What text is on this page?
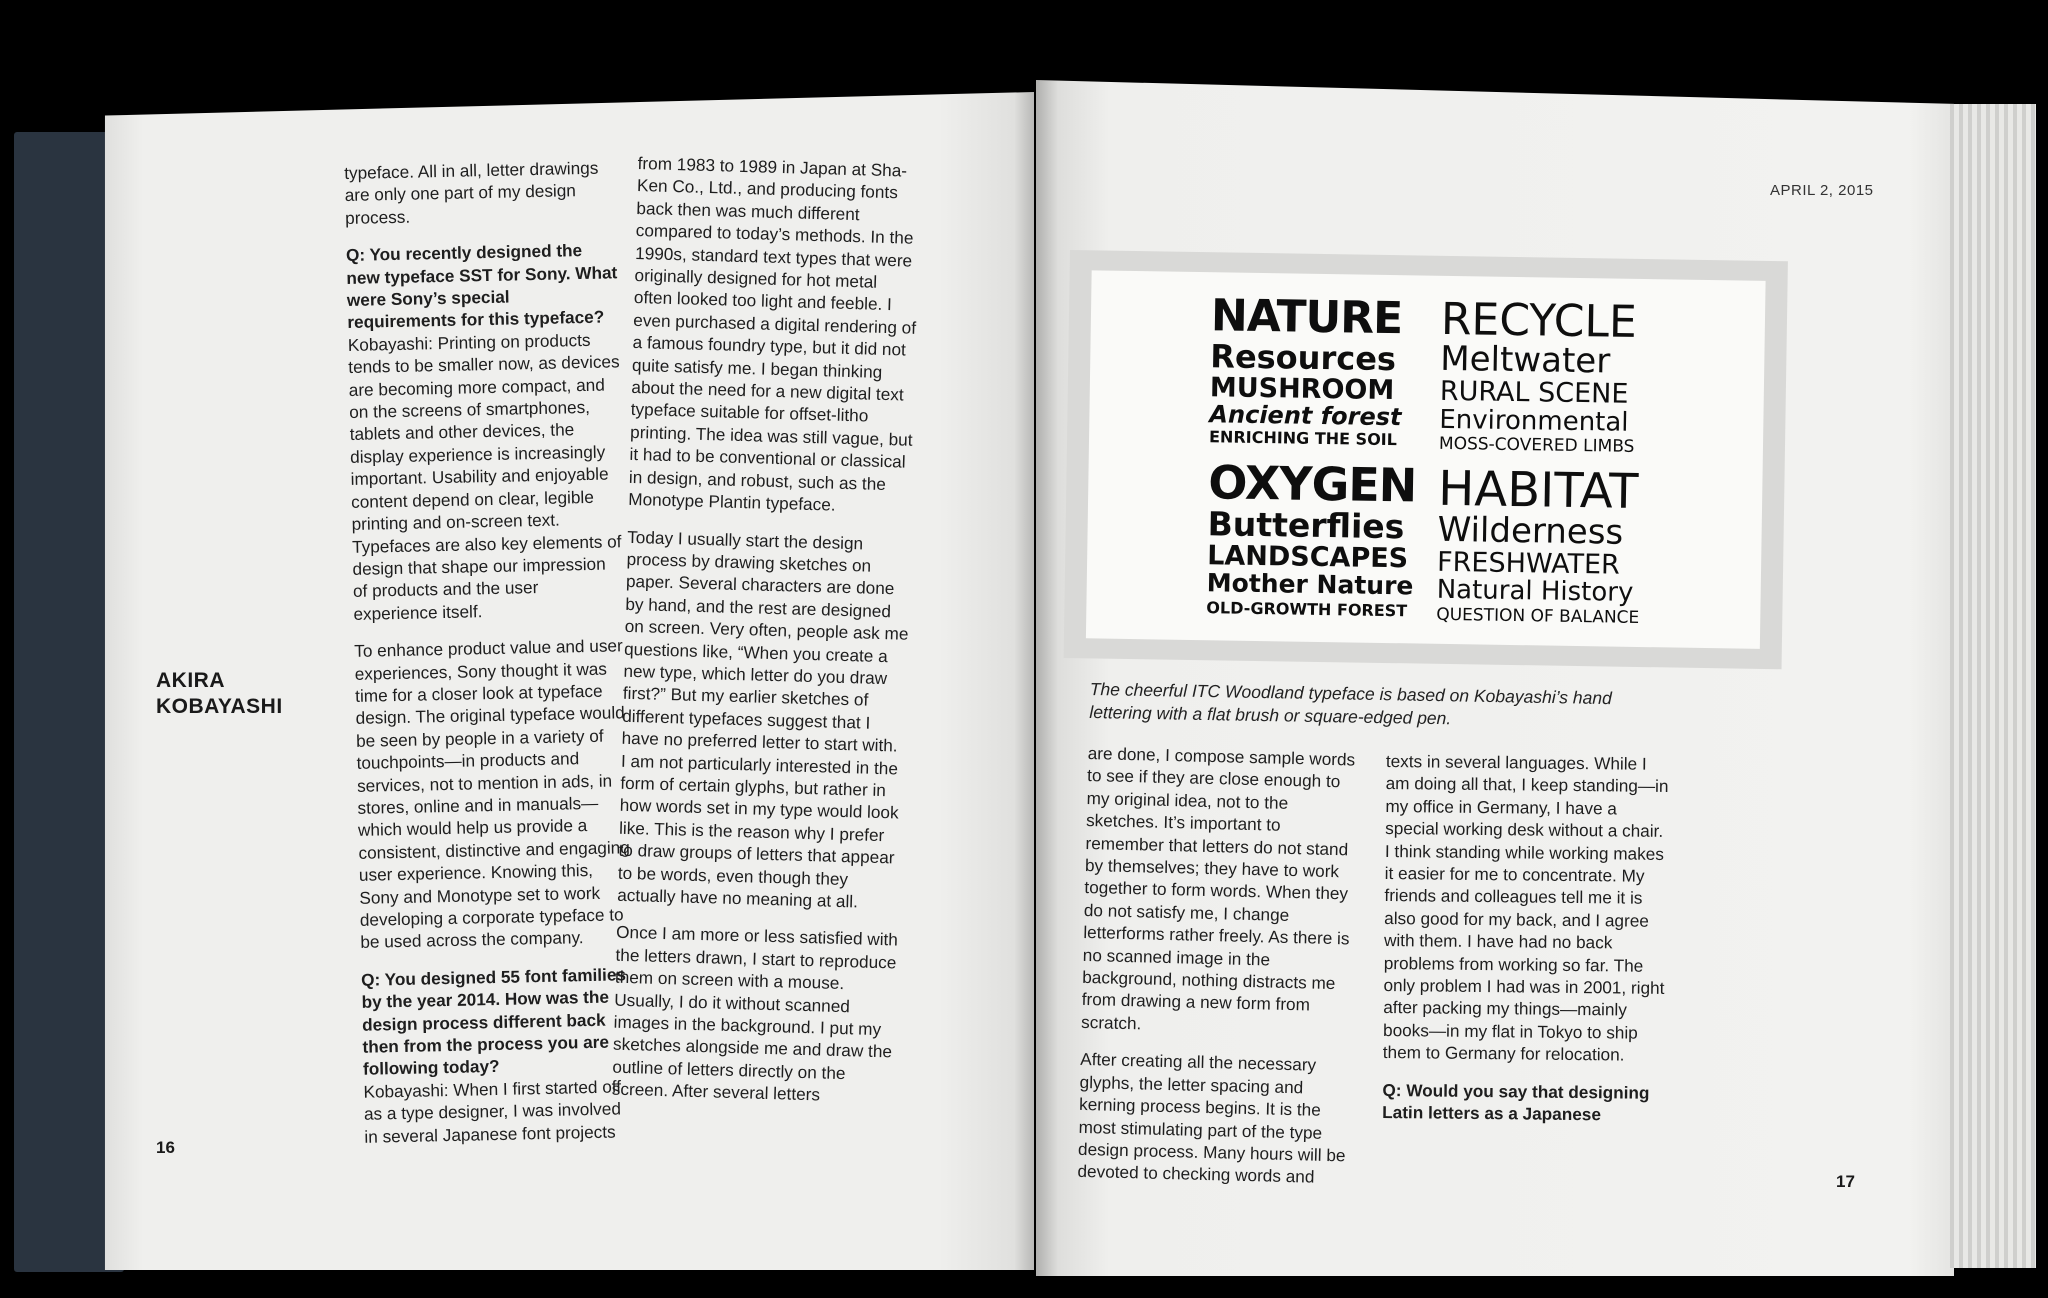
AKIRA
KOBAYASHI

typeface. All in all, letter drawings are only one part of my design process.

Q: You recently designed the new typeface SST for Sony. What were Sony’s special requirements for this typeface?
Kobayashi: Printing on products tends to be smaller now, as devices are becoming more compact, and on the screens of smartphones, tablets and other devices, the display experience is increasingly important. Usability and enjoyable content depend on clear, legible printing and on-screen text. Typefaces are also key elements of design that shape our impression of products and the user experience itself.

To enhance product value and user experiences, Sony thought it was time for a closer look at typeface design. The original typeface would be seen by people in a variety of touchpoints—in products and services, not to mention in ads, in stores, online and in manuals—which would help us provide a consistent, distinctive and engaging user experience. Knowing this, Sony and Monotype set to work developing a corporate typeface to be used across the company.

Q: You designed 55 font families by the year 2014. How was the design process different back then from the process you are following today?
Kobayashi: When I first started off as a type designer, I was involved in several Japanese font projects

from 1983 to 1989 in Japan at Sha-Ken Co., Ltd., and producing fonts back then was much different compared to today’s methods. In the 1990s, standard text types that were originally designed for hot metal often looked too light and feeble. I even purchased a digital rendering of a famous foundry type, but it did not quite satisfy me. I began thinking about the need for a new digital text typeface suitable for offset-litho printing. The idea was still vague, but it had to be conventional or classical in design, and robust, such as the Monotype Plantin typeface.

Today I usually start the design process by drawing sketches on paper. Several characters are done by hand, and the rest are designed on screen. Very often, people ask me questions like, “When you create a new type, which letter do you draw first?” But my earlier sketches of different typefaces suggest that I have no preferred letter to start with. I am not particularly interested in the form of certain glyphs, but rather in how words set in my type would look like. This is the reason why I prefer to draw groups of letters that appear to be words, even though they actually have no meaning at all.

Once I am more or less satisfied with the letters drawn, I start to reproduce them on screen with a mouse. Usually, I do it without scanned images in the background. I put my sketches alongside me and draw the outline of letters directly on the screen. After several letters

16
APRIL 2, 2015
NATURE
Resources
MUSHROOM
Ancient forest
ENRICHING THE SOIL
OXYGEN
Butterflies
LANDSCAPES
Mother Nature
OLD-GROWTH FOREST
RECYCLE
Meltwater
RURAL SCENE
Environmental
MOSS-COVERED LIMBS
HABITAT
Wilderness
FRESHWATER
Natural History
QUESTION OF BALANCE
The cheerful ITC Woodland typeface is based on Kobayashi’s hand lettering with a flat brush or square-edged pen.

are done, I compose sample words to see if they are close enough to my original idea, not to the sketches. It’s important to remember that letters do not stand by themselves; they have to work together to form words. When they do not satisfy me, I change letterforms rather freely. As there is no scanned image in the background, nothing distracts me from drawing a new form from scratch.

After creating all the necessary glyphs, the letter spacing and kerning process begins. It is the most stimulating part of the type design process. Many hours will be devoted to checking words and

texts in several languages. While I am doing all that, I keep standing—in my office in Germany, I have a special working desk without a chair. I think standing while working makes it easier for me to concentrate. My friends and colleagues tell me it is also good for my back, and I agree with them. I have had no back problems from working so far. The only problem I had was in 2001, right after packing my things—mainly books—in my flat in Tokyo to ship them to Germany for relocation.

Q: Would you say that designing Latin letters as a Japanese

17
